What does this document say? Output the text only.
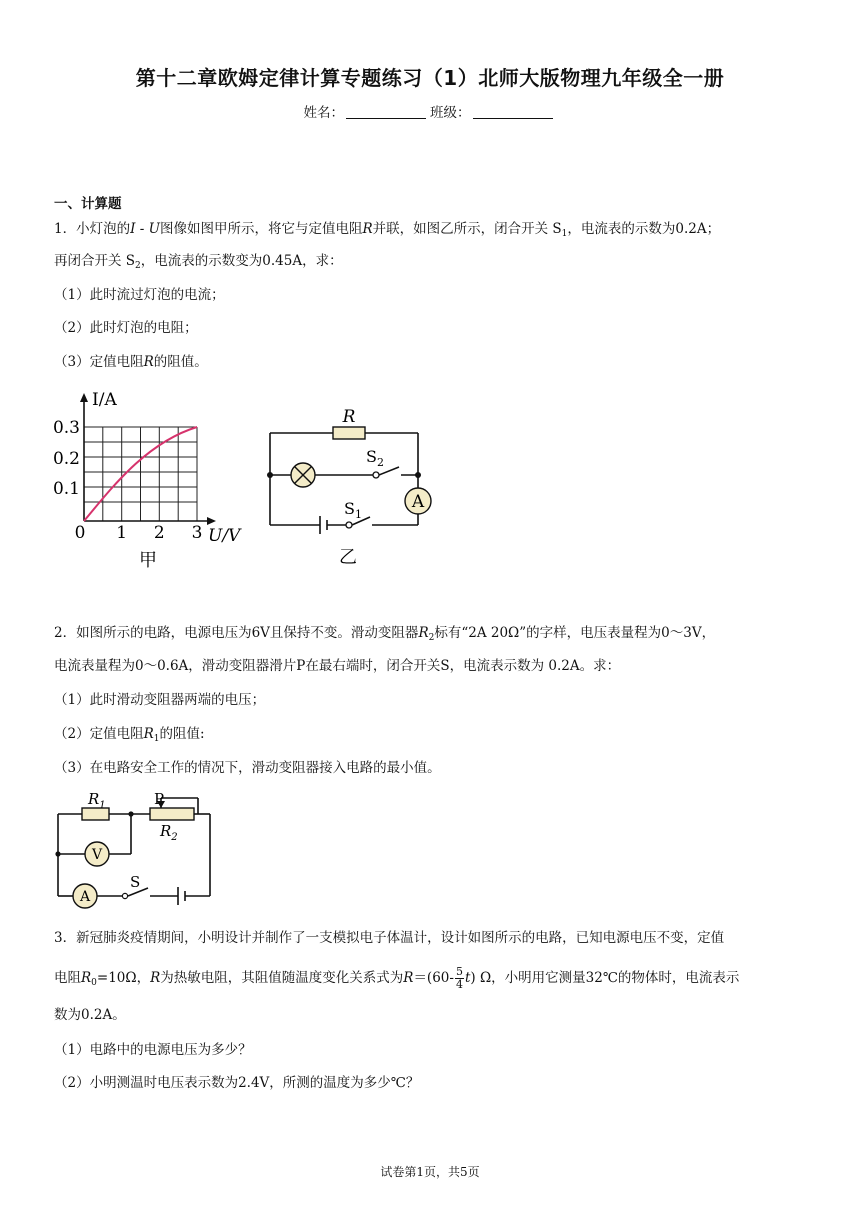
第十二章欧姆定律计算专题练习（1）北师大版物理九年级全一册
姓名：	班级：
一、计算题
1．小灯泡的I - U图像如图甲所示，将它与定值电阻R并联，如图乙所示，闭合开关 $S_1$，电流表的示数为0.2A；
再闭合开关 $S_2$，电流表的示数变为0.45A，求：
（1）此时流过灯泡的电流；
（2）此时灯泡的电阻；
（3）定值电阻R的阻值。
I/A
0.3
0.2
0.1
0 1 2 3 U/V
甲
A
R
$S_2$
$S_1$
乙
2．如图所示的电路，电源电压为6V且保持不变。滑动变阻器$R_2$标有“2A 20Ω”的字样，电压表量程为0～3V，
电流表量程为0～0.6A，滑动变阻器滑片P在最右端时，闭合开关S，电流表示数为 0.2A。求：
（1）此时滑动变阻器两端的电压；
（2）定值电阻$R_1$的阻值:
（3）在电路安全工作的情况下，滑动变阻器接入电路的最小值。
V
A
$R_1$	P
$R_2$
S
3．新冠肺炎疫情期间，小明设计并制作了一支模拟电子体温计，设计如图所示的电路，已知电源电压不变，定值
电阻$R_0=10\Omega$，R为热敏电阻，其阻值随温度变化关系式为$R=(60- \frac{5}{4} t)$ Ω，小明用它测量32℃的物体时，电流表示
数为0.2A。
（1）电路中的电源电压为多少？
（2）小明测温时电压表示数为2.4V，所测的温度为多少℃？
试卷第1页，共5页
